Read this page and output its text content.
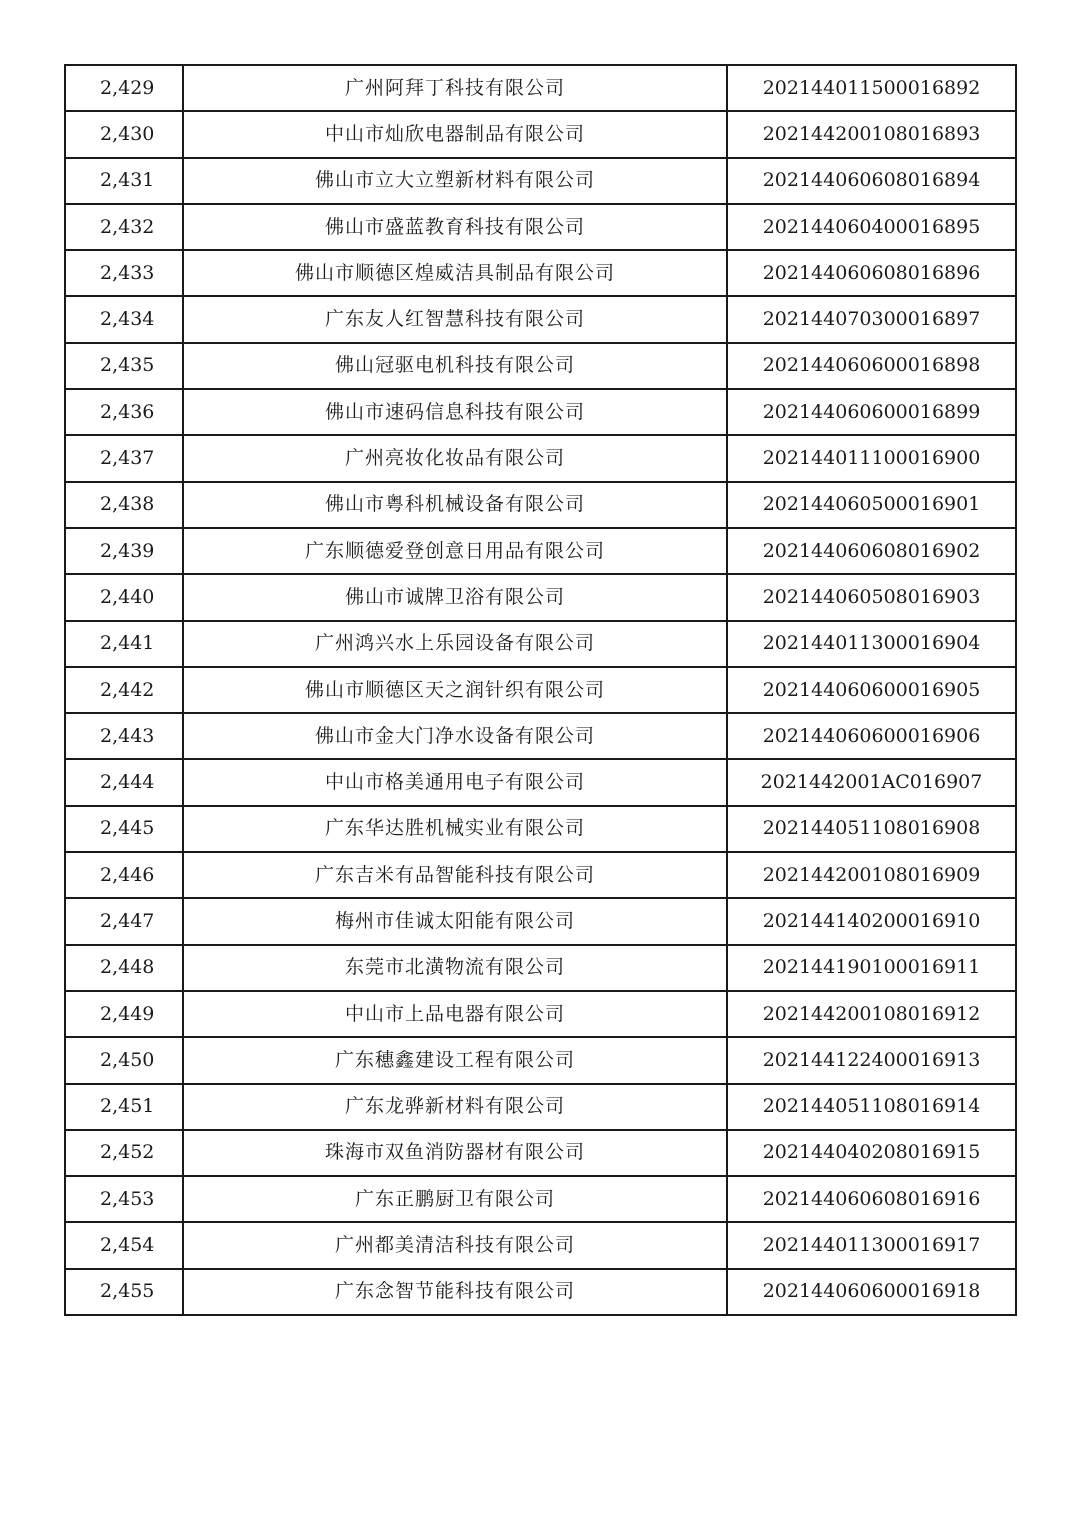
2,429	广州阿拜丁科技有限公司	202144011500016892
2,430	中山市灿欣电器制品有限公司	202144200108016893
2,431	佛山市立大立塑新材料有限公司	202144060608016894
2,432	佛山市盛蓝教育科技有限公司	202144060400016895
2,433	佛山市顺德区煌威洁具制品有限公司	202144060608016896
2,434	广东友人红智慧科技有限公司	202144070300016897
2,435	佛山冠驱电机科技有限公司	202144060600016898
2,436	佛山市速码信息科技有限公司	202144060600016899
2,437	广州亮妆化妆品有限公司	202144011100016900
2,438	佛山市粤科机械设备有限公司	202144060500016901
2,439	广东顺德爱登创意日用品有限公司	202144060608016902
2,440	佛山市诚牌卫浴有限公司	202144060508016903
2,441	广州鸿兴水上乐园设备有限公司	202144011300016904
2,442	佛山市顺德区天之润针织有限公司	202144060600016905
2,443	佛山市金大门净水设备有限公司	202144060600016906
2,444	中山市格美通用电子有限公司	2021442001AC016907
2,445	广东华达胜机械实业有限公司	202144051108016908
2,446	广东吉米有品智能科技有限公司	202144200108016909
2,447	梅州市佳诚太阳能有限公司	202144140200016910
2,448	东莞市北潢物流有限公司	202144190100016911
2,449	中山市上品电器有限公司	202144200108016912
2,450	广东穗鑫建设工程有限公司	202144122400016913
2,451	广东龙骅新材料有限公司	202144051108016914
2,452	珠海市双鱼消防器材有限公司	202144040208016915
2,453	广东正鹏厨卫有限公司	202144060608016916
2,454	广州都美清洁科技有限公司	202144011300016917
2,455	广东念智节能科技有限公司	202144060600016918
